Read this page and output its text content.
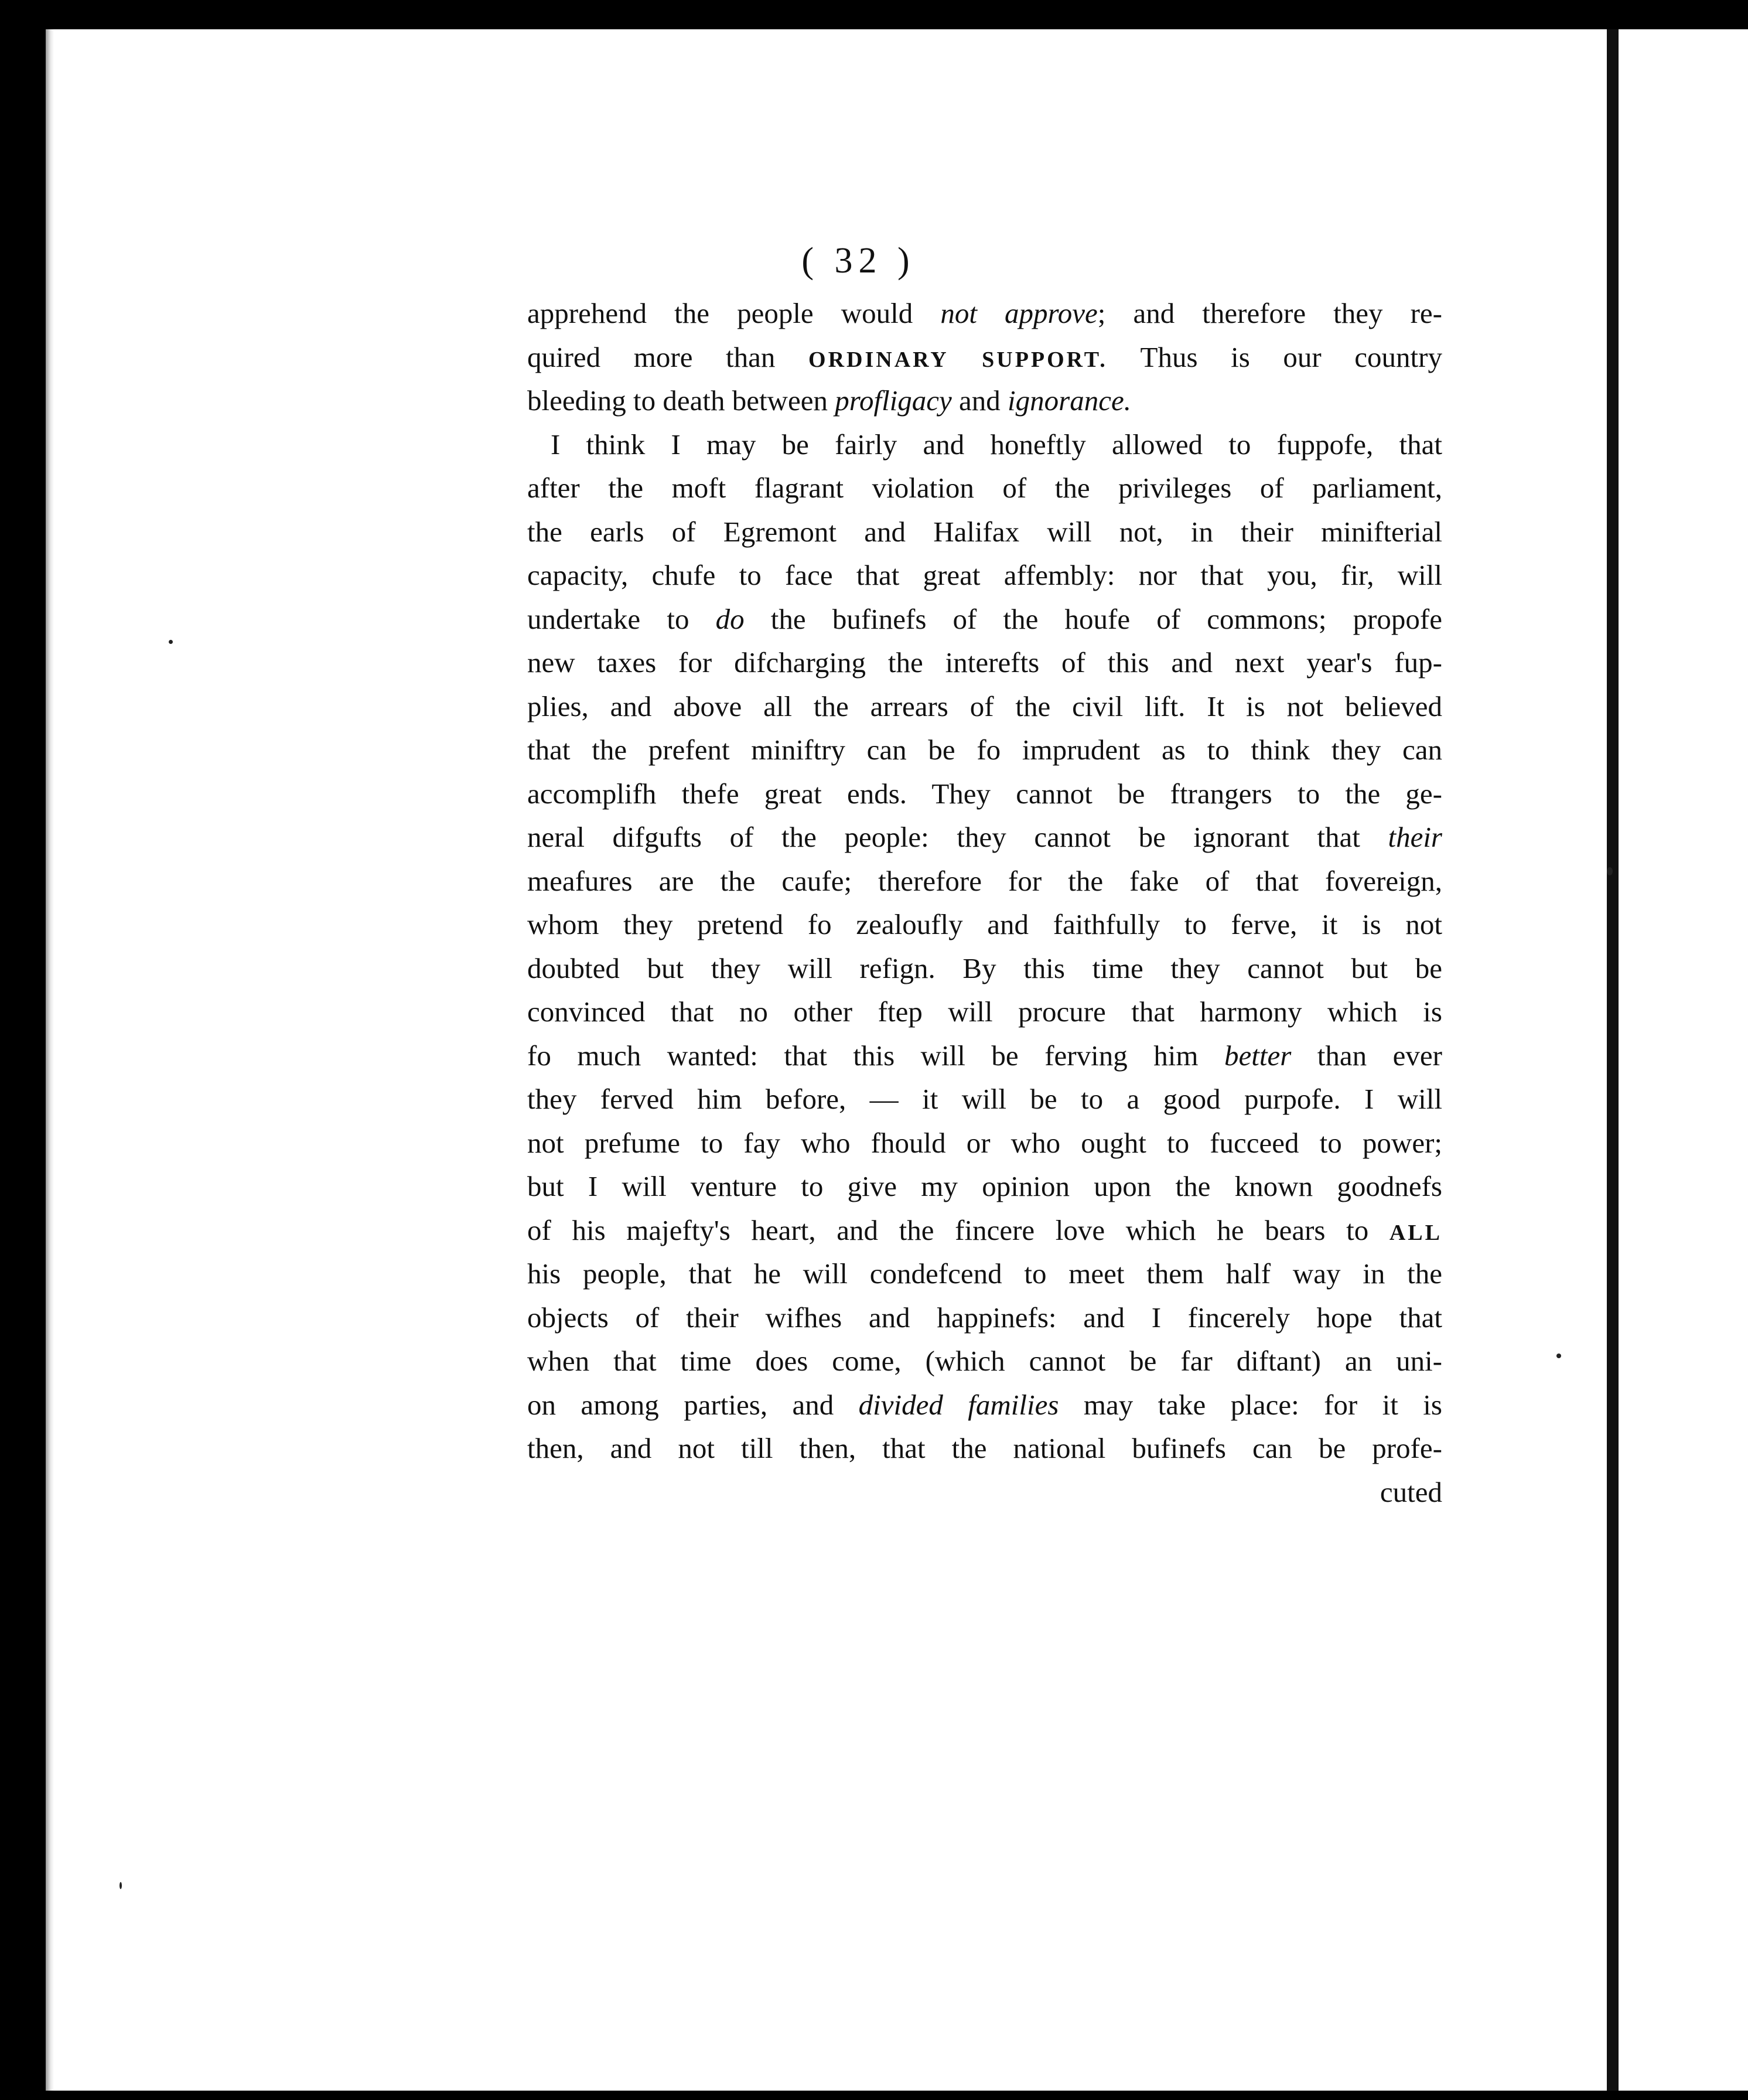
( 32 )
apprehend the people would not approve; and therefore they re-
quired more than ORDINARY SUPPORT. Thus is our country
bleeding to death between profligacy and ignorance.
I think I may be fairly and honeftly allowed to fuppofe, that
after the moft flagrant violation of the privileges of parliament,
the earls of Egremont and Halifax will not, in their minifterial
capacity, chufe to face that great affembly: nor that you, fir, will
undertake to do the bufinefs of the houfe of commons; propofe
new taxes for difcharging the interefts of this and next year's fup-
plies, and above all the arrears of the civil lift. It is not believed
that the prefent miniftry can be fo imprudent as to think they can
accomplifh thefe great ends. They cannot be ftrangers to the ge-
neral difgufts of the people: they cannot be ignorant that their
meafures are the caufe; therefore for the fake of that fovereign,
whom they pretend fo zealoufly and faithfully to ferve, it is not
doubted but they will refign. By this time they cannot but be
convinced that no other ftep will procure that harmony which is
fo much wanted: that this will be ferving him better than ever
they ferved him before, — it will be to a good purpofe. I will
not prefume to fay who fhould or who ought to fucceed to power;
but I will venture to give my opinion upon the known goodnefs
of his majefty's heart, and the fincere love which he bears to ALL
his people, that he will condefcend to meet them half way in the
objects of their wifhes and happinefs: and I fincerely hope that
when that time does come, (which cannot be far diftant) an uni-
on among parties, and divided families may take place: for it is
then, and not till then, that the national bufinefs can be profe-
cuted
